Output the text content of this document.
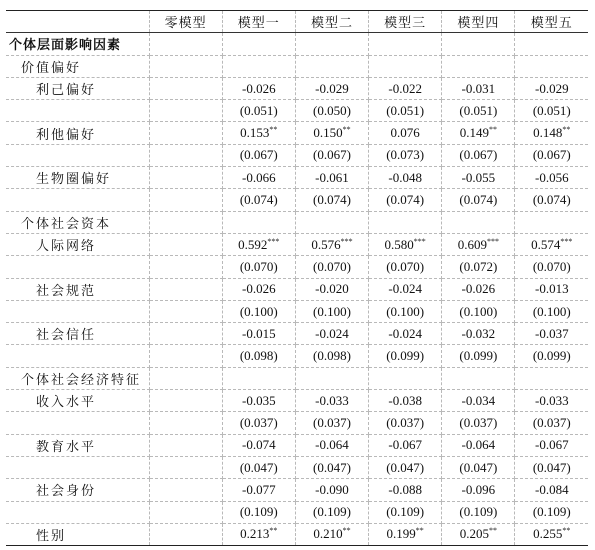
	零模型	模型一	模型二	模型三	模型四	模型五
个体层面影响因素						
价值偏好						
利己偏好		-0.026	-0.029	-0.022	-0.031	-0.029
		(0.051)	(0.050)	(0.051)	(0.051)	(0.051)
利他偏好		0.153**	0.150**	0.076	0.149**	0.148**
		(0.067)	(0.067)	(0.073)	(0.067)	(0.067)
生物圈偏好		-0.066	-0.061	-0.048	-0.055	-0.056
		(0.074)	(0.074)	(0.074)	(0.074)	(0.074)
个体社会资本						
人际网络		0.592***	0.576***	0.580***	0.609***	0.574***
		(0.070)	(0.070)	(0.070)	(0.072)	(0.070)
社会规范		-0.026	-0.020	-0.024	-0.026	-0.013
		(0.100)	(0.100)	(0.100)	(0.100)	(0.100)
社会信任		-0.015	-0.024	-0.024	-0.032	-0.037
		(0.098)	(0.098)	(0.099)	(0.099)	(0.099)
个体社会经济特征						
收入水平		-0.035	-0.033	-0.038	-0.034	-0.033
		(0.037)	(0.037)	(0.037)	(0.037)	(0.037)
教育水平		-0.074	-0.064	-0.067	-0.064	-0.067
		(0.047)	(0.047)	(0.047)	(0.047)	(0.047)
社会身份		-0.077	-0.090	-0.088	-0.096	-0.084
		(0.109)	(0.109)	(0.109)	(0.109)	(0.109)
性别		0.213**	0.210**	0.199**	0.205**	0.255**
